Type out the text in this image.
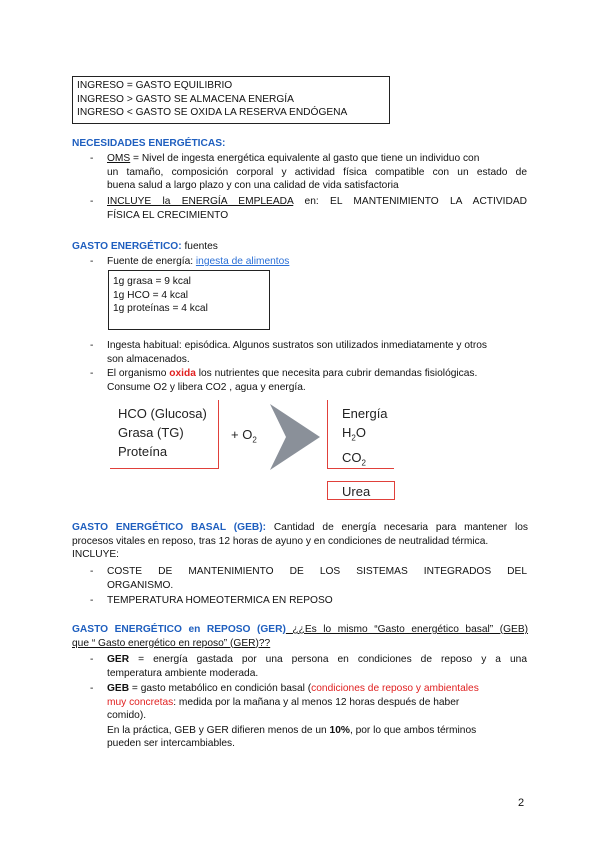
INGRESO = GASTO EQUILIBRIO
INGRESO > GASTO SE ALMACENA ENERGÍA
INGRESO < GASTO SE OXIDA LA RESERVA ENDÓGENA
NECESIDADES ENERGÉTICAS:
-	OMS = Nivel de ingesta energética equivalente al gasto que tiene un individuo con
un tamaño, composición corporal y actividad física compatible con un estado de
buena salud a largo plazo y con una calidad de vida satisfactoria
-	INCLUYE la ENERGÍA EMPLEADA en: EL MANTENIMIENTO LA ACTIVIDAD
FÍSICA EL CRECIMIENTO
GASTO ENERGÉTICO: fuentes
-	Fuente de energía: ingesta de alimentos
1g grasa = 9 kcal
1g HCO = 4 kcal
1g proteínas = 4 kcal
-	Ingesta habitual: episódica. Algunos sustratos son utilizados inmediatamente y otros
son almacenados.
-	El organismo oxida los nutrientes que necesita para cubrir demandas fisiológicas.
Consume O2 y libera CO2 , agua y energía.
HCO (Glucosa)
Grasa (TG)
Proteína
+ $O_2$
Energía
$H_2O$
$CO_2$
Urea
GASTO ENERGÉTICO BASAL (GEB): Cantidad de energía necesaria para mantener los
procesos vitales en reposo, tras 12 horas de ayuno y en condiciones de neutralidad térmica.
INCLUYE:
-	COSTE DE MANTENIMIENTO DE LOS SISTEMAS INTEGRADOS DEL
ORGANISMO.
-	TEMPERATURA HOMEOTERMICA EN REPOSO
GASTO ENERGÉTICO en REPOSO (GER) ¿¿Es lo mismo “Gasto energético basal” (GEB)
que “ Gasto energético en reposo” (GER)??
-	GER = energía gastada por una persona en condiciones de reposo y a una
temperatura ambiente moderada.
-	GEB = gasto metabólico en condición basal (condiciones de reposo y ambientales
muy concretas: medida por la mañana y al menos 12 horas después de haber
comido).
En la práctica, GEB y GER difieren menos de un 10%, por lo que ambos términos
pueden ser intercambiables.
2
